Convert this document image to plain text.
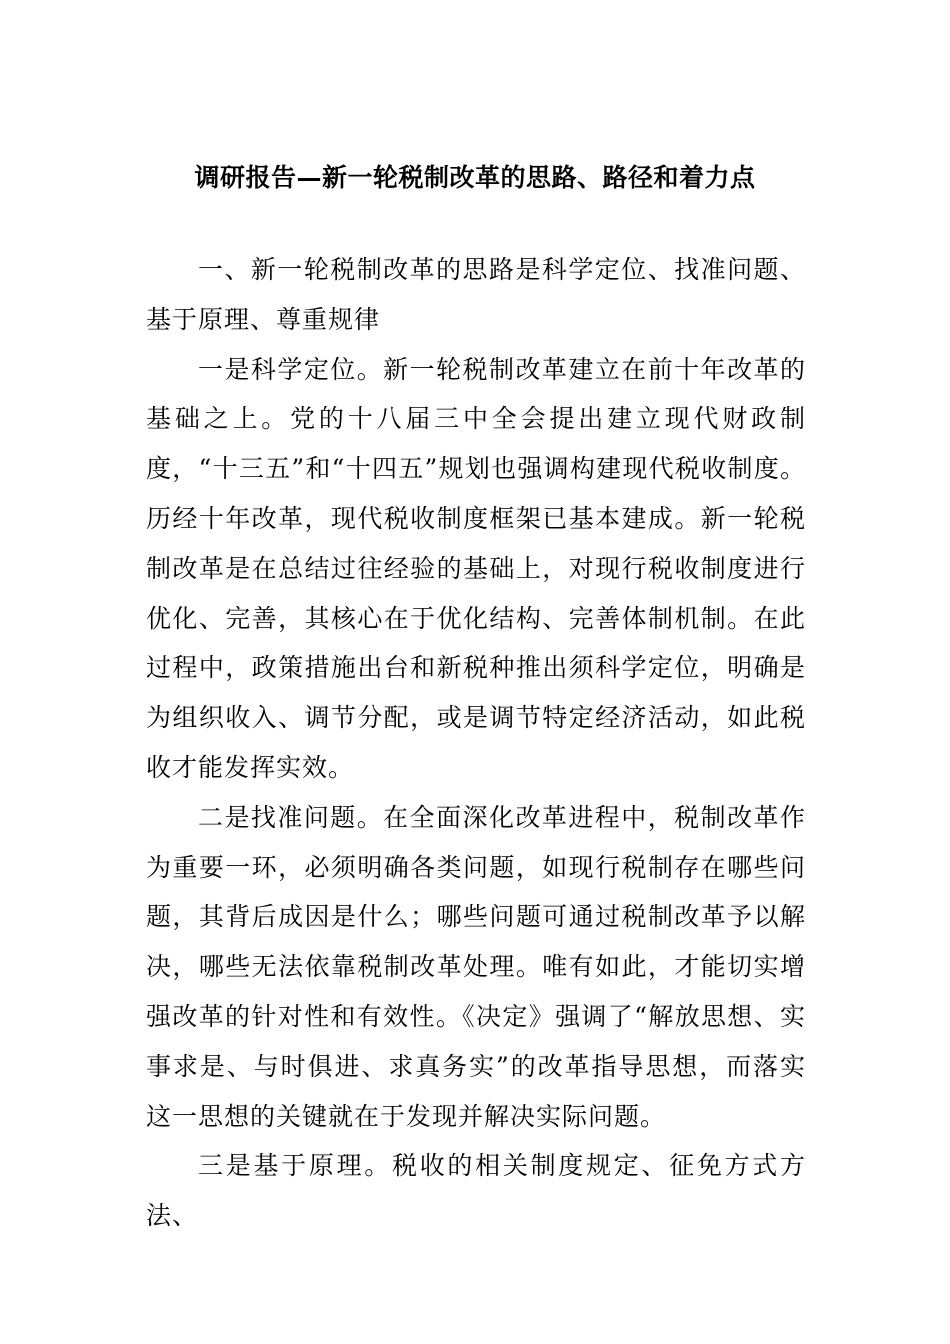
调研报告—新一轮税制改革的思路、路径和着力点

一、新一轮税制改革的思路是科学定位、找准问题、基于原理、尊重规律

一是科学定位。新一轮税制改革建立在前十年改革的基础之上。党的十八届三中全会提出建立现代财政制度，“十三五”和“十四五”规划也强调构建现代税收制度。历经十年改革，现代税收制度框架已基本建成。新一轮税制改革是在总结过往经验的基础上，对现行税收制度进行优化、完善，其核心在于优化结构、完善体制机制。在此过程中，政策措施出台和新税种推出须科学定位，明确是为组织收入、调节分配，或是调节特定经济活动，如此税收才能发挥实效。

二是找准问题。在全面深化改革进程中，税制改革作为重要一环，必须明确各类问题，如现行税制存在哪些问题，其背后成因是什么；哪些问题可通过税制改革予以解决，哪些无法依靠税制改革处理。唯有如此，才能切实增强改革的针对性和有效性。《决定》强调了“解放思想、实事求是、与时俱进、求真务实”的改革指导思想，而落实这一思想的关键就在于发现并解决实际问题。

三是基于原理。税收的相关制度规定、征免方式方法、
